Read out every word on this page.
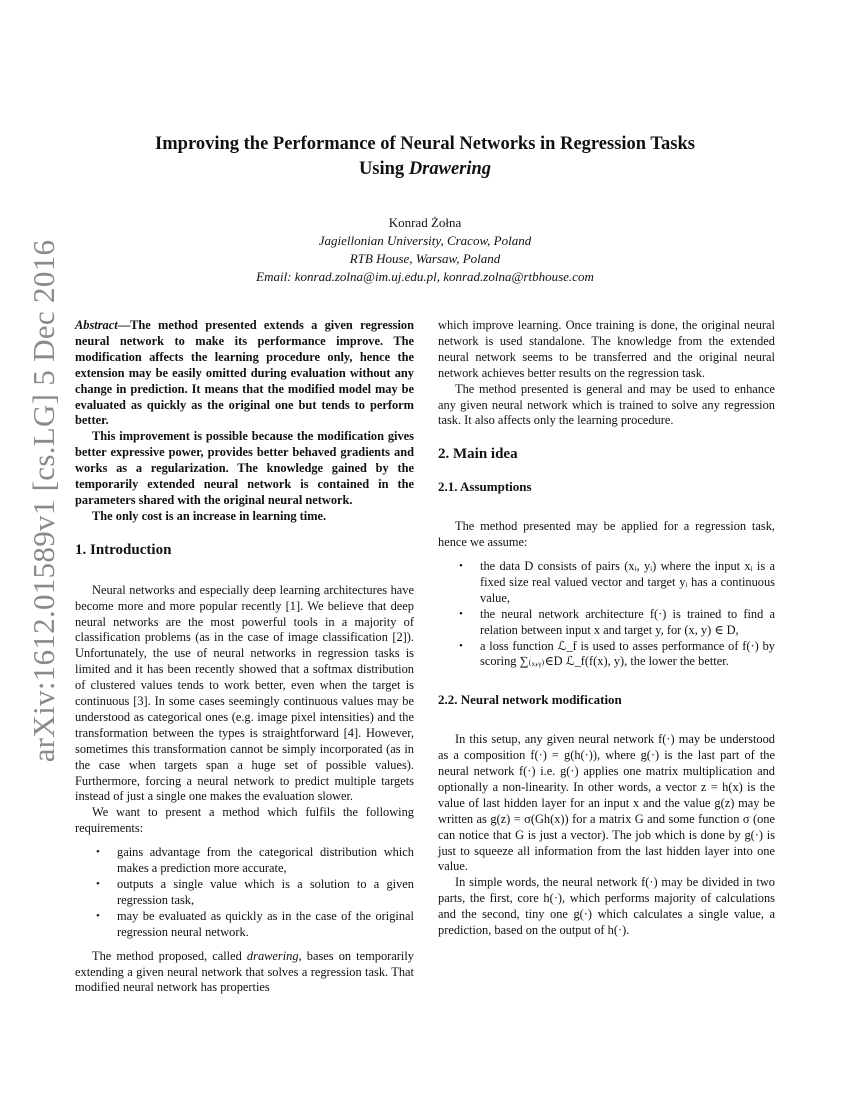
arXiv:1612.01589v1 [cs.LG] 5 Dec 2016
Improving the Performance of Neural Networks in Regression Tasks
Using Drawering
Konrad Żołna
Jagiellonian University, Cracow, Poland
RTB House, Warsaw, Poland
Email: konrad.zolna@im.uj.edu.pl, konrad.zolna@rtbhouse.com

Abstract—The method presented extends a given regression neural network to make its performance improve. The modification affects the learning procedure only, hence the extension may be easily omitted during evaluation without any change in prediction. It means that the modified model may be evaluated as quickly as the original one but tends to perform better.

This improvement is possible because the modification gives better expressive power, provides better behaved gradients and works as a regularization. The knowledge gained by the temporarily extended neural network is contained in the parameters shared with the original neural network.

The only cost is an increase in learning time.

1. Introduction

Neural networks and especially deep learning architectures have become more and more popular recently [1]. We believe that deep neural networks are the most powerful tools in a majority of classification problems (as in the case of image classification [2]). Unfortunately, the use of neural networks in regression tasks is limited and it has been recently showed that a softmax distribution of clustered values tends to work better, even when the target is continuous [3]. In some cases seemingly continuous values may be understood as categorical ones (e.g. image pixel intensities) and the transformation between the types is straightforward [4]. However, sometimes this transformation cannot be simply incorporated (as in the case when targets span a huge set of possible values). Furthermore, forcing a neural network to predict multiple targets instead of just a single one makes the evaluation slower.

We want to present a method which fulfils the following requirements:

• gains advantage from the categorical distribution which makes a prediction more accurate,
• outputs a single value which is a solution to a given regression task,
• may be evaluated as quickly as in the case of the original regression neural network.

The method proposed, called drawering, bases on temporarily extending a given neural network that solves a regression task. That modified neural network has properties

which improve learning. Once training is done, the original neural network is used standalone. The knowledge from the extended neural network seems to be transferred and the original neural network achieves better results on the regression task.

The method presented is general and may be used to enhance any given neural network which is trained to solve any regression task. It also affects only the learning procedure.

2. Main idea
2.1. Assumptions

The method presented may be applied for a regression task, hence we assume:

• the data D consists of pairs (xᵢ, yᵢ) where the input xᵢ is a fixed size real valued vector and target yᵢ has a continuous value,
• the neural network architecture f(·) is trained to find a relation between input x and target y, for (x, y) ∈ D,
• a loss function ℒ_f is used to asses performance of f(·) by scoring ∑₍ₓ,ᵧ₎∈D ℒ_f(f(x), y), the lower the better.
2.2. Neural network modification

In this setup, any given neural network f(·) may be understood as a composition f(·) = g(h(·)), where g(·) is the last part of the neural network f(·) i.e. g(·) applies one matrix multiplication and optionally a non-linearity. In other words, a vector z = h(x) is the value of last hidden layer for an input x and the value g(z) may be written as g(z) = σ(Gh(x)) for a matrix G and some function σ (one can notice that G is just a vector). The job which is done by g(·) is just to squeeze all information from the last hidden layer into one value.

In simple words, the neural network f(·) may be divided in two parts, the first, core h(·), which performs majority of calculations and the second, tiny one g(·) which calculates a single value, a prediction, based on the output of h(·).
